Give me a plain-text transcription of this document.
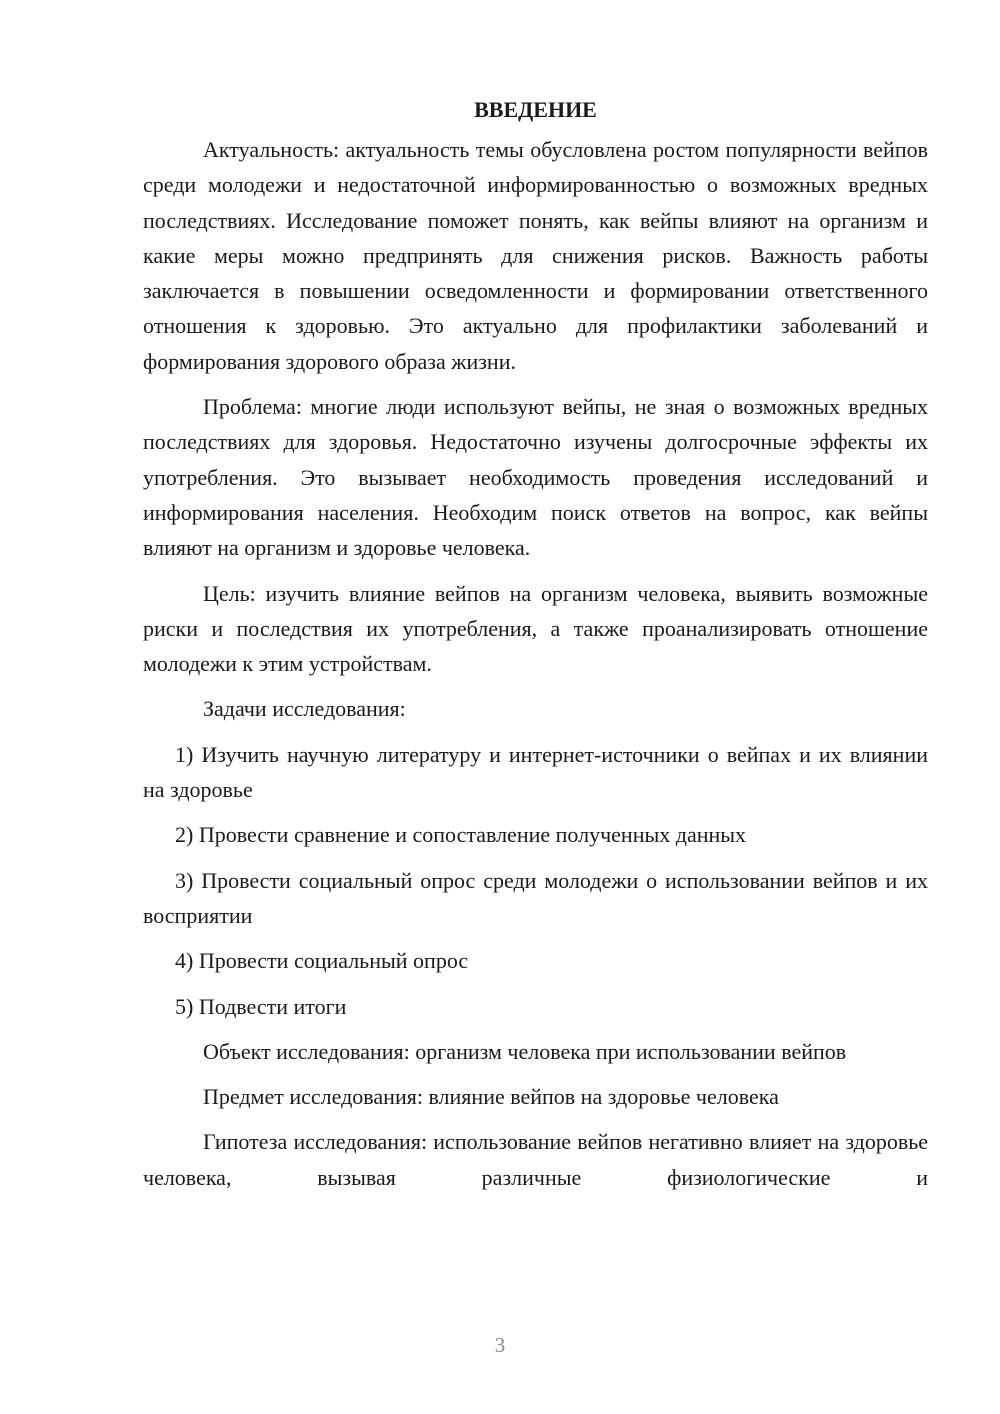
ВВЕДЕНИЕ

Актуальность: актуальность темы обусловлена ростом популярности вейпов среди молодежи и недостаточной информированностью о возможных вредных последствиях. Исследование поможет понять, как вейпы влияют на организм и какие меры можно предпринять для снижения рисков. Важность работы заключается в повышении осведомленности и формировании ответственного отношения к здоровью. Это актуально для профилактики заболеваний и формирования здорового образа жизни.

Проблема: многие люди используют вейпы, не зная о возможных вредных последствиях для здоровья. Недостаточно изучены долгосрочные эффекты их употребления. Это вызывает необходимость проведения исследований и информирования населения. Необходим поиск ответов на вопрос, как вейпы влияют на организм и здоровье человека.

Цель: изучить влияние вейпов на организм человека, выявить возможные риски и последствия их употребления, а также проанализировать отношение молодежи к этим устройствам.

Задачи исследования:

1) Изучить научную литературу и интернет-источники о вейпах и их влиянии на здоровье

2) Провести сравнение и сопоставление полученных данных

3) Провести социальный опрос среди молодежи о использовании вейпов и их восприятии

4) Провести социальный опрос

5) Подвести итоги

Объект исследования: организм человека при использовании вейпов

Предмет исследования: влияние вейпов на здоровье человека

Гипотеза исследования: использование вейпов негативно влияет на здоровье человека, вызывая различные физиологические и

3
